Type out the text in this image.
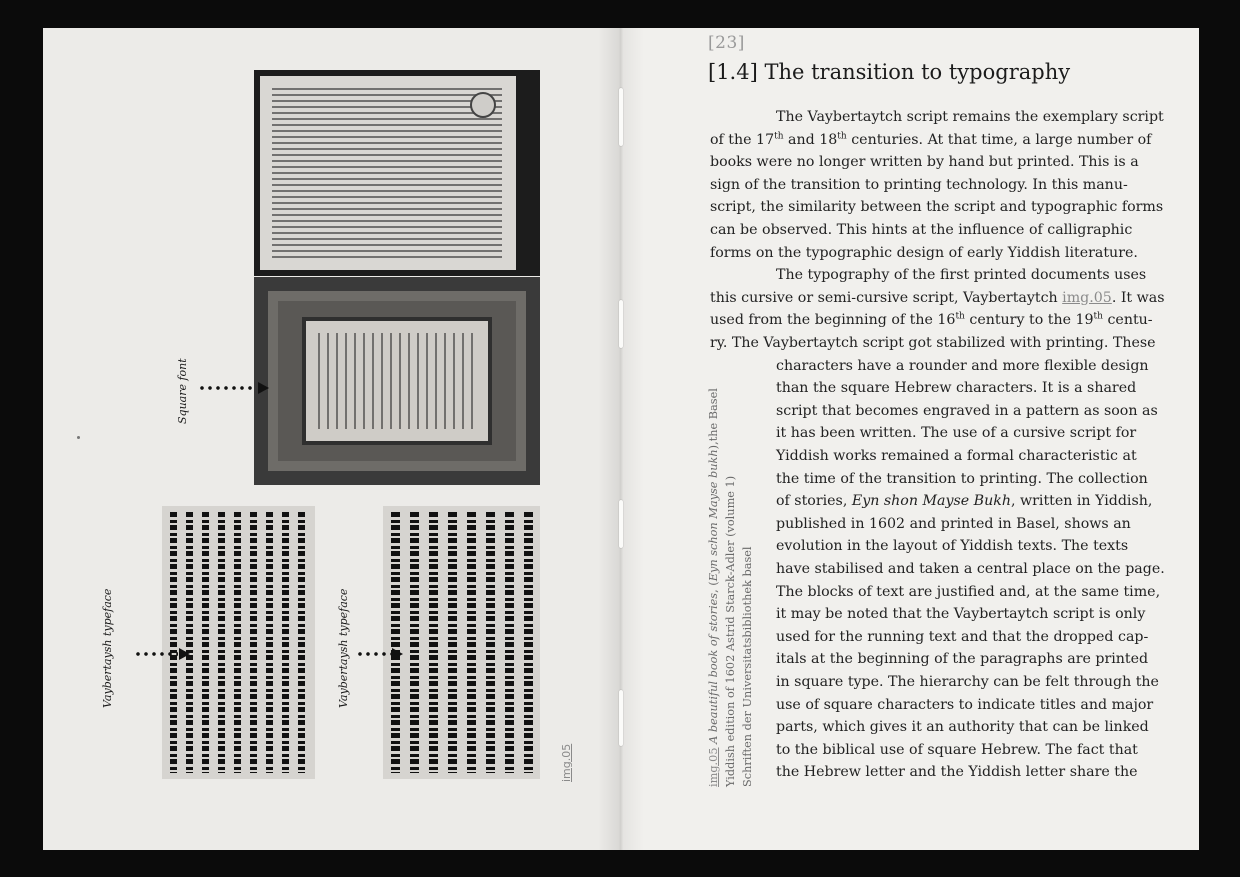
Square font
Vaybertaysh typeface	Vaybertaysh typeface
img.05
[23]
[1.4] The transition to typography
The Vaybertaytch script remains the exemplary script
of the 17th and 18th centuries. At that time, a large number of
books were no longer written by hand but printed. This is a
sign of the transition to printing technology. In this manu-
script, the similarity between the script and typographic forms
can be observed. This hints at the influence of calligraphic
forms on the typographic design of early Yiddish literature.
The typography of the first printed documents uses
this cursive or semi-cursive script, Vaybertaytch img.05. It was
used from the beginning of the 16th century to the 19th centu-
ry. The Vaybertaytch script got stabilized with printing. These
characters have a rounder and more flexible design
than the square Hebrew characters. It is a shared
script that becomes engraved in a pattern as soon as
it has been written. The use of a cursive script for
Yiddish works remained a formal characteristic at
the time of the transition to printing. The collection
of stories, Eyn shon Mayse Bukh, written in Yiddish,
published in 1602 and printed in Basel, shows an
evolution in the layout of Yiddish texts. The texts
have stabilised and taken a central place on the page.
The blocks of text are justified and, at the same time,
it may be noted that the Vaybertaytch script is only
used for the running text and that the dropped cap-
itals at the beginning of the paragraphs are printed
in square type. The hierarchy can be felt through the
use of square characters to indicate titles and major
parts, which gives it an authority that can be linked
to the biblical use of square Hebrew. The fact that
the Hebrew letter and the Yiddish letter share the
img.05 A beautiful book of stories, (Eyn schon Mayse bukh),the Basel
Yiddish edition of 1602 Astrid Starck-Adler (volume 1) Schriften der Universitatsbibliothek basel
